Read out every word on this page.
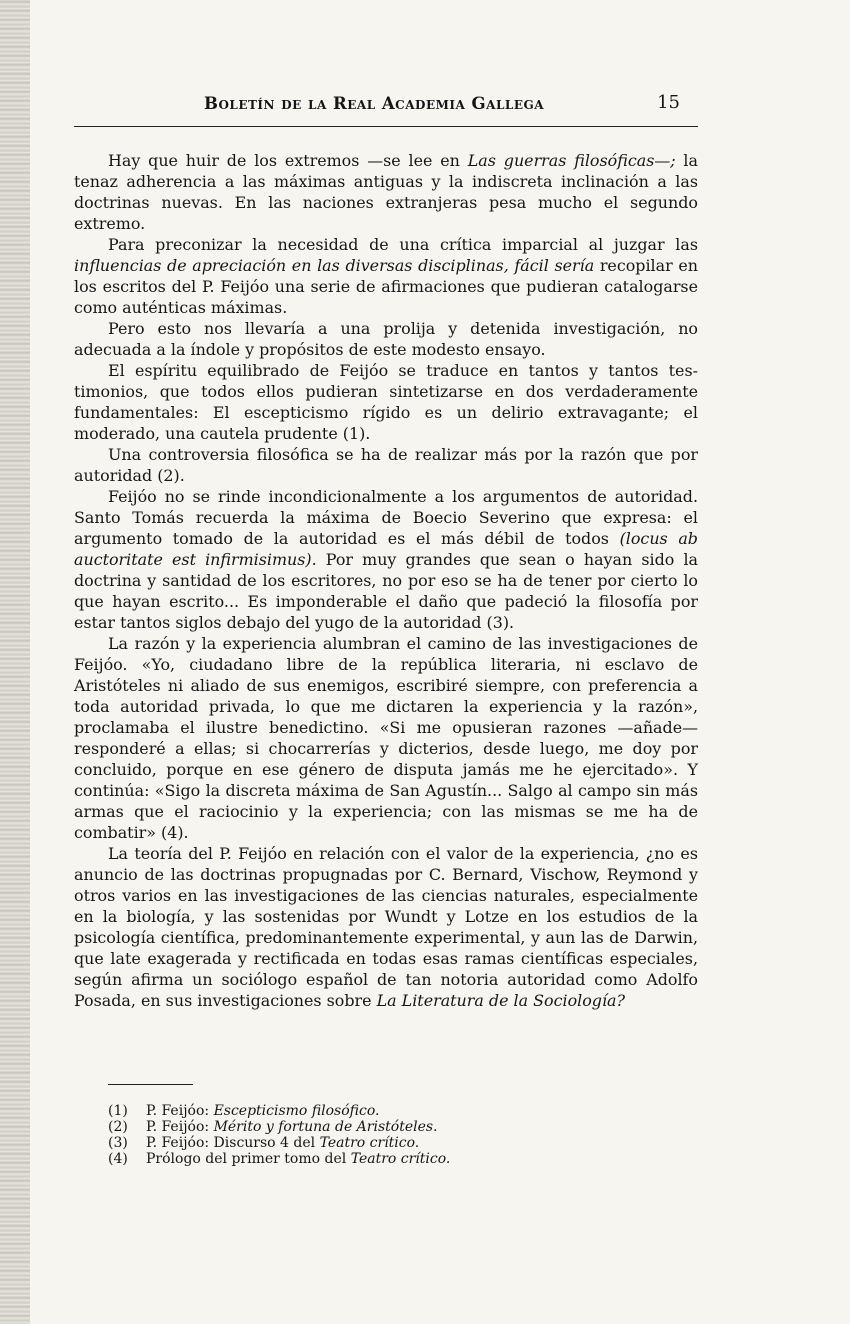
Boletín de la Real Academia Gallega	15

Hay que huir de los extremos —se lee en Las guerras filosóficas—; la tenaz adherencia a las máximas antiguas y la indiscreta inclinación a las doctrinas nuevas. En las naciones extranjeras pesa mucho el segundo extremo.

Para preconizar la necesidad de una crítica imparcial al juzgar las influencias de apreciación en las diversas disciplinas, fácil sería recopilar en los escritos del P. Feijóo una serie de afirmaciones que pudieran catalogarse como auténticas máximas.

Pero esto nos llevaría a una prolija y detenida investigación, no adecuada a la índole y propósitos de este modesto ensayo.

El espíritu equilibrado de Feijóo se traduce en tantos y tantos testimonios, que todos ellos pudieran sintetizarse en dos verdaderamente fundamentales: El escepticismo rígido es un delirio extravagante; el moderado, una cautela prudente (1).

Una controversia filosófica se ha de realizar más por la razón que por autoridad (2).

Feijóo no se rinde incondicionalmente a los argumentos de autoridad. Santo Tomás recuerda la máxima de Boecio Severino que expresa: el argumento tomado de la autoridad es el más débil de todos (locus ab auctoritate est infirmisimus). Por muy grandes que sean o hayan sido la doctrina y santidad de los escritores, no por eso se ha de tener por cierto lo que hayan escrito... Es imponderable el daño que padeció la filosofía por estar tantos siglos debajo del yugo de la autoridad (3).

La razón y la experiencia alumbran el camino de las investigaciones de Feijóo. «Yo, ciudadano libre de la república literaria, ni esclavo de Aristóteles ni aliado de sus enemigos, escribiré siempre, con preferencia a toda autoridad privada, lo que me dictaren la experiencia y la razón», proclamaba el ilustre benedictino. «Si me opusieran razones —añade— responderé a ellas; si chocarrerías y dicterios, desde luego, me doy por concluido, porque en ese género de disputa jamás me he ejercitado». Y continúa: «Sigo la discreta máxima de San Agustín... Salgo al campo sin más armas que el raciocinio y la experiencia; con las mismas se me ha de combatir» (4).

La teoría del P. Feijóo en relación con el valor de la experiencia, ¿no es anuncio de las doctrinas propugnadas por C. Bernard, Vischow, Reymond y otros varios en las investigaciones de las ciencias naturales, especialmente en la biología, y las sostenidas por Wundt y Lotze en los estudios de la psicología científica, predominantemente experimental, y aun las de Darwin, que late exagerada y rectificada en todas esas ramas científicas especiales, según afirma un sociólogo español de tan notoria autoridad como Adolfo Posada, en sus investigaciones sobre La Literatura de la Sociología?

(1) P. Feijóo: Escepticismo filosófico.
(2) P. Feijóo: Mérito y fortuna de Aristóteles.
(3) P. Feijóo: Discurso 4 del Teatro crítico.
(4) Prólogo del primer tomo del Teatro crítico.
